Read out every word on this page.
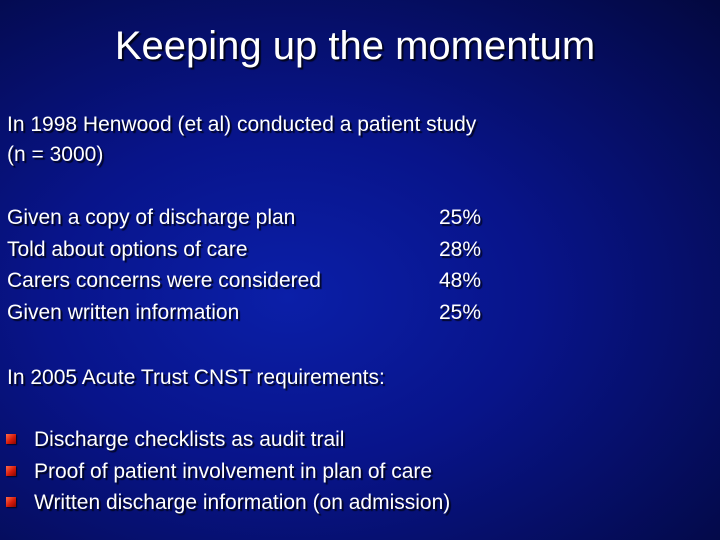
Keeping up the momentum
In 1998 Henwood (et al) conducted a patient study
(n = 3000)
Given a copy of discharge plan	25%
Told about options of care	28%
Carers concerns were considered	48%
Given written information	25%
In 2005 Acute Trust CNST requirements:
Discharge checklists as audit trail
Proof of patient involvement in plan of care
Written discharge information (on admission)
